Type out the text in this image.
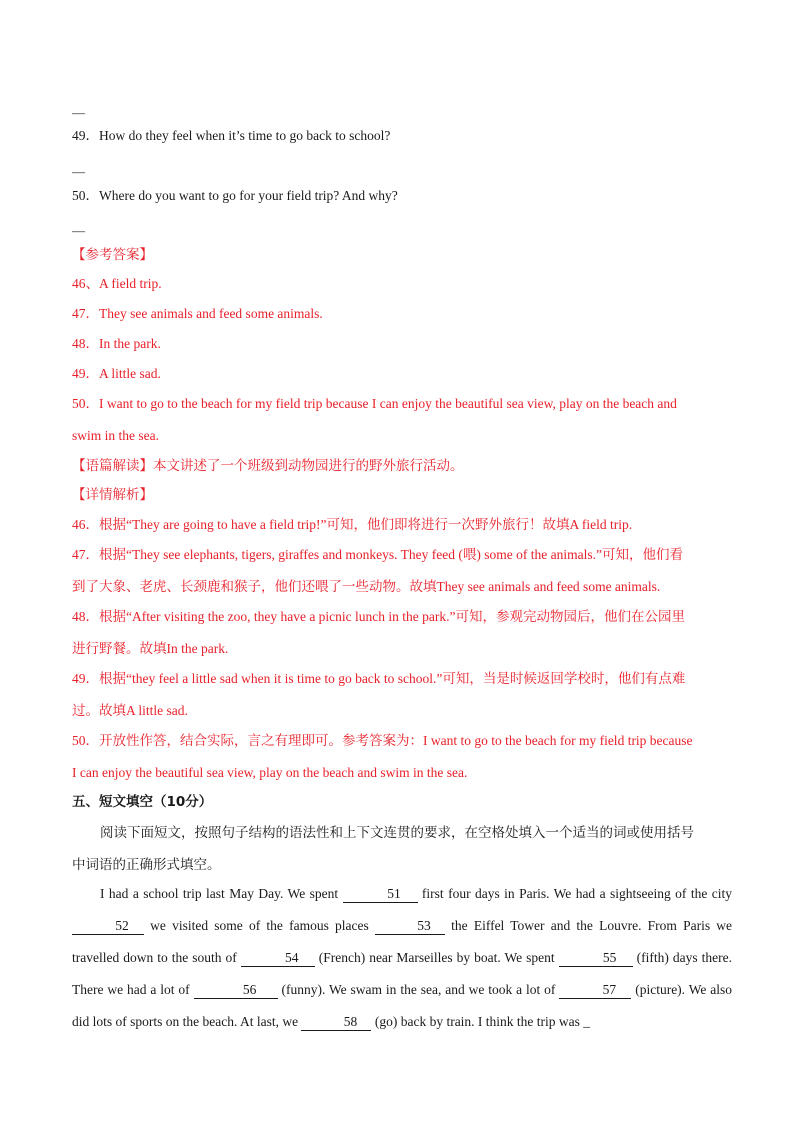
—
49．How do they feel when it’s time to go back to school?
—
50．Where do you want to go for your field trip? And why?
—
【参考答案】
46、A field trip.
47．They see animals and feed some animals.
48．In the park.
49．A little sad.
50．I want to go to the beach for my field trip because I can enjoy the beautiful sea view, play on the beach and
swim in the sea.
【语篇解读】本文讲述了一个班级到动物园进行的野外旅行活动。
【详情解析】
46．根据“They are going to have a field trip!”可知，他们即将进行一次野外旅行！故填A field trip.
47．根据“They see elephants, tigers, giraffes and monkeys. They feed (喂) some of the animals.”可知，他们看
到了大象、老虎、长颈鹿和猴子，他们还喂了一些动物。故填They see animals and feed some animals.
48．根据“After visiting the zoo, they have a picnic lunch in the park.”可知，参观完动物园后，他们在公园里
进行野餐。故填In the park.
49．根据“they feel a little sad when it is time to go back to school.”可知，当是时候返回学校时，他们有点难
过。故填A little sad.
50．开放性作答，结合实际，言之有理即可。参考答案为：I want to go to the beach for my field trip because
I can enjoy the beautiful sea view, play on the beach and swim in the sea.
五、短文填空（10分）
阅读下面短文，按照句子结构的语法性和上下文连贯的要求，在空格处填入一个适当的词或使用括号
中词语的正确形式填空。
I had a school trip last May Day. We spent	51 first four days in Paris. We had a sightseeing of the city 52 we visited some of the famous places	53 the Eiffel Tower and the Louvre. From Paris we travelled down to the south of	54 (French) near Marseilles by boat. We spent	55 (fifth) days there. There we had a lot of	56 (funny). We swam in the sea, and we took a lot of	57 (picture). We also did lots of sports on the beach. At last, we	58 (go) back by train. I think the trip was _
